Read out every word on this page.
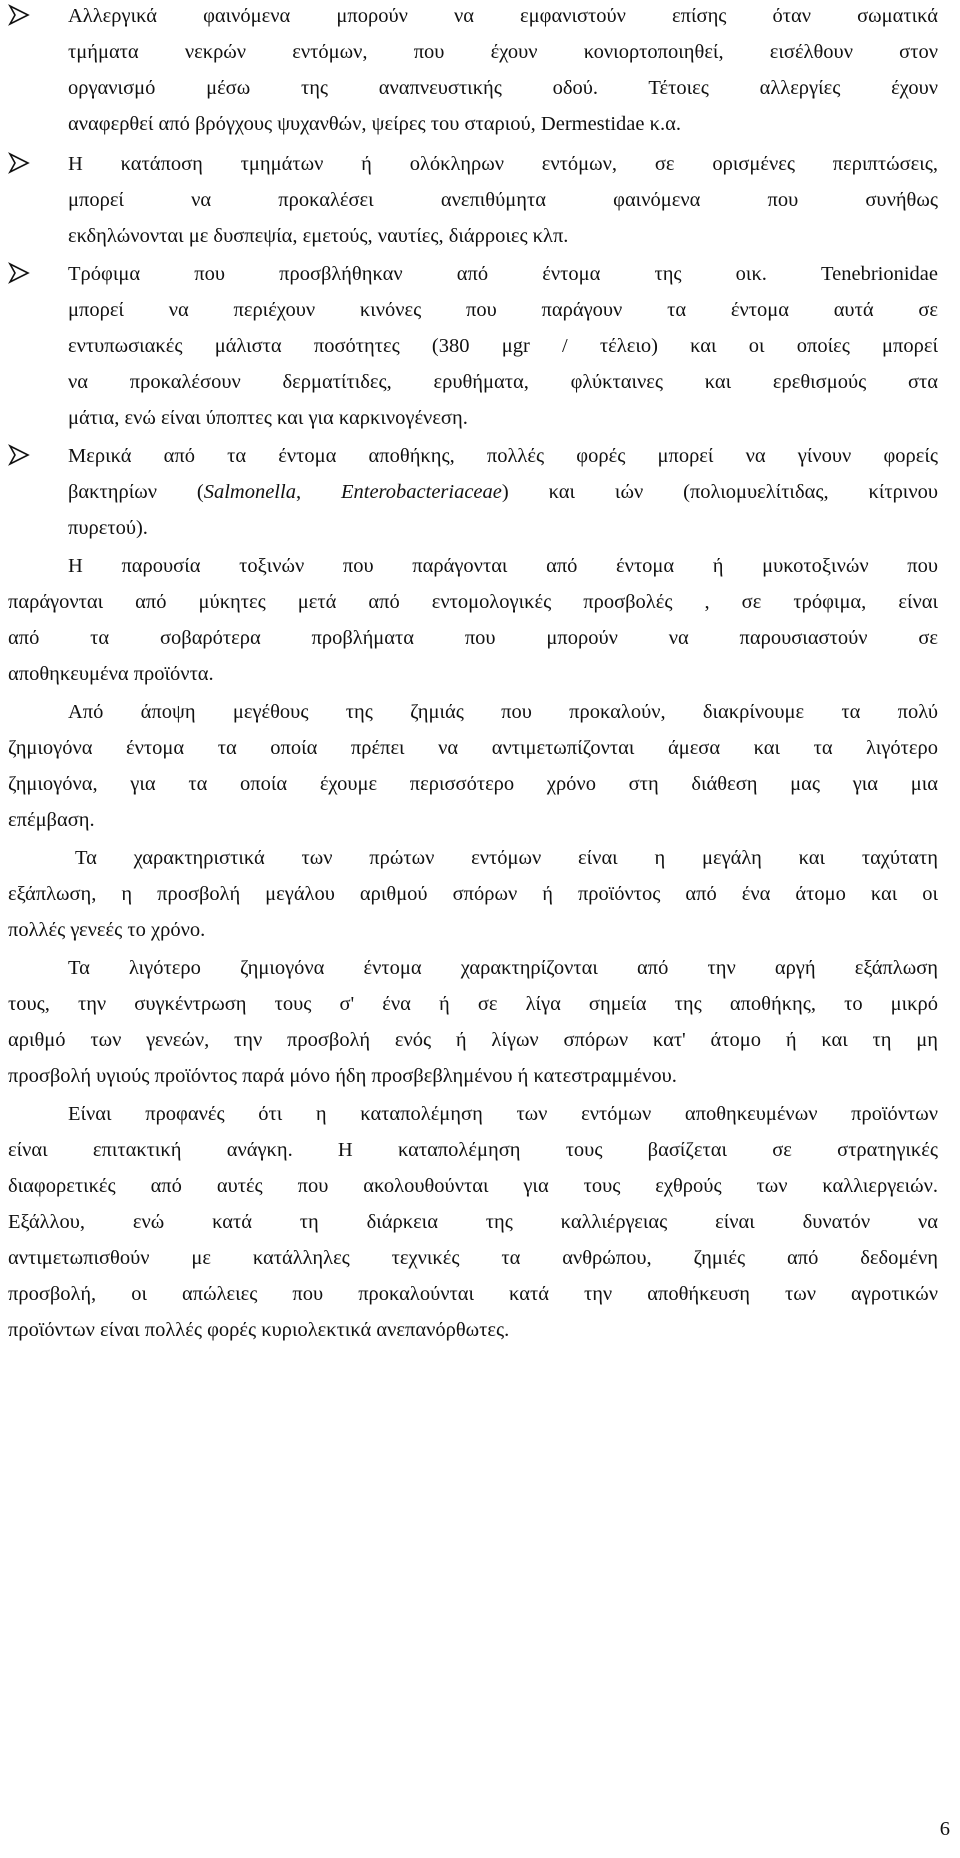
Αλλεργικά φαινόμενα μπορούν να εμφανιστούν επίσης όταν σωματικά
τμήματα νεκρών εντόμων, που έχουν κονιορτοποιηθεί, εισέλθουν στον
οργανισμό μέσω της αναπνευστικής οδού. Τέτοιες αλλεργίες έχουν
αναφερθεί από βρόγχους ψυχανθών, ψείρες του σταριού, Dermestidae κ.α.
Η κατάποση τμημάτων ή ολόκληρων εντόμων, σε ορισμένες περιπτώσεις,
μπορεί να προκαλέσει ανεπιθύμητα φαινόμενα που συνήθως
εκδηλώνονται με δυσπεψία, εμετούς, ναυτίες, διάρροιες κλπ.
Τρόφιμα που προσβλήθηκαν από έντομα της οικ. Tenebrionidae
μπορεί να περιέχουν κινόνες που παράγουν τα έντομα αυτά σε
εντυπωσιακές μάλιστα ποσότητες (380 μgr / τέλειο) και οι οποίες μπορεί
να προκαλέσουν δερματίτιδες, ερυθήματα, φλύκταινες και ερεθισμούς στα
μάτια, ενώ είναι ύποπτες και για καρκινογένεση.
Μερικά από τα έντομα αποθήκης, πολλές φορές μπορεί να γίνουν φορείς
βακτηρίων (Salmonella, Enterobacteriaceae) και ιών (πολιομυελίτιδας, κίτρινου
πυρετού).
Η παρουσία τοξινών που παράγονται από έντομα ή μυκοτοξινών που
παράγονται από μύκητες μετά από εντομολογικές προσβολές , σε τρόφιμα, είναι
από τα σοβαρότερα προβλήματα που μπορούν να παρουσιαστούν σε
αποθηκευμένα προϊόντα.
Από άποψη μεγέθους της ζημιάς που προκαλούν, διακρίνουμε τα πολύ
ζημιογόνα έντομα τα οποία πρέπει να αντιμετωπίζονται άμεσα και τα λιγότερο
ζημιογόνα, για τα οποία έχουμε περισσότερο χρόνο στη διάθεση μας για μια
επέμβαση.
Τα χαρακτηριστικά των πρώτων εντόμων είναι η μεγάλη και ταχύτατη
εξάπλωση, η προσβολή μεγάλου αριθμού σπόρων ή προϊόντος από ένα άτομο και οι
πολλές γενεές το χρόνο.
Τα λιγότερο ζημιογόνα έντομα χαρακτηρίζονται από την αργή εξάπλωση
τους, την συγκέντρωση τους σ' ένα ή σε λίγα σημεία της αποθήκης, το μικρό
αριθμό των γενεών, την προσβολή ενός ή λίγων σπόρων κατ' άτομο ή και τη μη
προσβολή υγιούς προϊόντος παρά μόνο ήδη προσβεβλημένου ή κατεστραμμένου.
Είναι προφανές ότι η καταπολέμηση των εντόμων αποθηκευμένων προϊόντων
είναι επιτακτική ανάγκη. Η καταπολέμηση τους βασίζεται σε στρατηγικές
διαφορετικές από αυτές που ακολουθούνται για τους εχθρούς των καλλιεργειών.
Εξάλλου, ενώ κατά τη διάρκεια της καλλιέργειας είναι δυνατόν να
αντιμετωπισθούν με κατάλληλες τεχνικές τα ανθρώπου, ζημιές από δεδομένη
προσβολή, οι απώλειες που προκαλούνται κατά την αποθήκευση των αγροτικών
προϊόντων είναι πολλές φορές κυριολεκτικά ανεπανόρθωτες.
6
